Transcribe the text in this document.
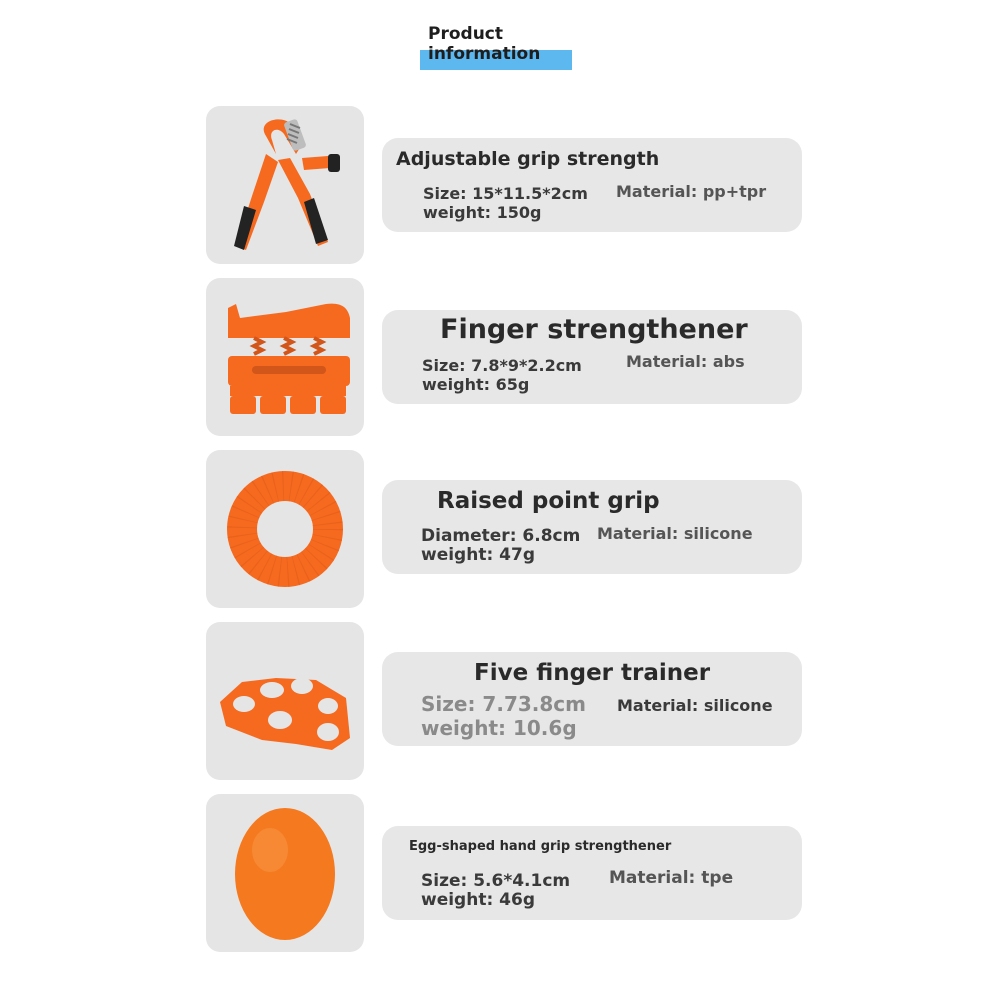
Product
information
Adjustable grip strength
Size: 15*11.5*2cm
weight: 150g
Material: pp+tpr
Finger strengthener
Size: 7.8*9*2.2cm
weight: 65g
Material: abs
Raised point grip
Diameter: 6.8cm
weight: 47g
Material: silicone
Five finger trainer
Size: 7.73.8cm
weight: 10.6g
Material: silicone
Egg-shaped hand grip strengthener
Size: 5.6*4.1cm
weight: 46g
Material: tpe
